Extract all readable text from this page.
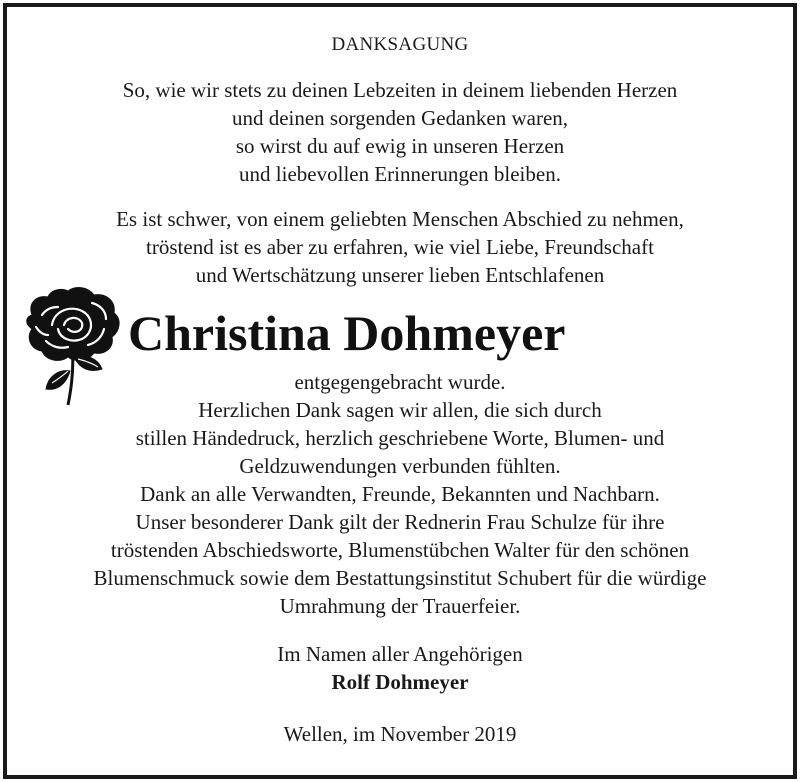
DANKSAGUNG
So, wie wir stets zu deinen Lebzeiten in deinem liebenden Herzen
und deinen sorgenden Gedanken waren,
so wirst du auf ewig in unseren Herzen
und liebevollen Erinnerungen bleiben.
Es ist schwer, von einem geliebten Menschen Abschied zu nehmen,
tröstend ist es aber zu erfahren, wie viel Liebe, Freundschaft
und Wertschätzung unserer lieben Entschlafenen
Christina Dohmeyer
entgegengebracht wurde.
Herzlichen Dank sagen wir allen, die sich durch
stillen Händedruck, herzlich geschriebene Worte, Blumen- und
Geldzuwendungen verbunden fühlten.
Dank an alle Verwandten, Freunde, Bekannten und Nachbarn.
Unser besonderer Dank gilt der Rednerin Frau Schulze für ihre
tröstenden Abschiedsworte, Blumenstübchen Walter für den schönen
Blumenschmuck sowie dem Bestattungsinstitut Schubert für die würdige
Umrahmung der Trauerfeier.
Im Namen aller Angehörigen
Rolf Dohmeyer
Wellen, im November 2019
